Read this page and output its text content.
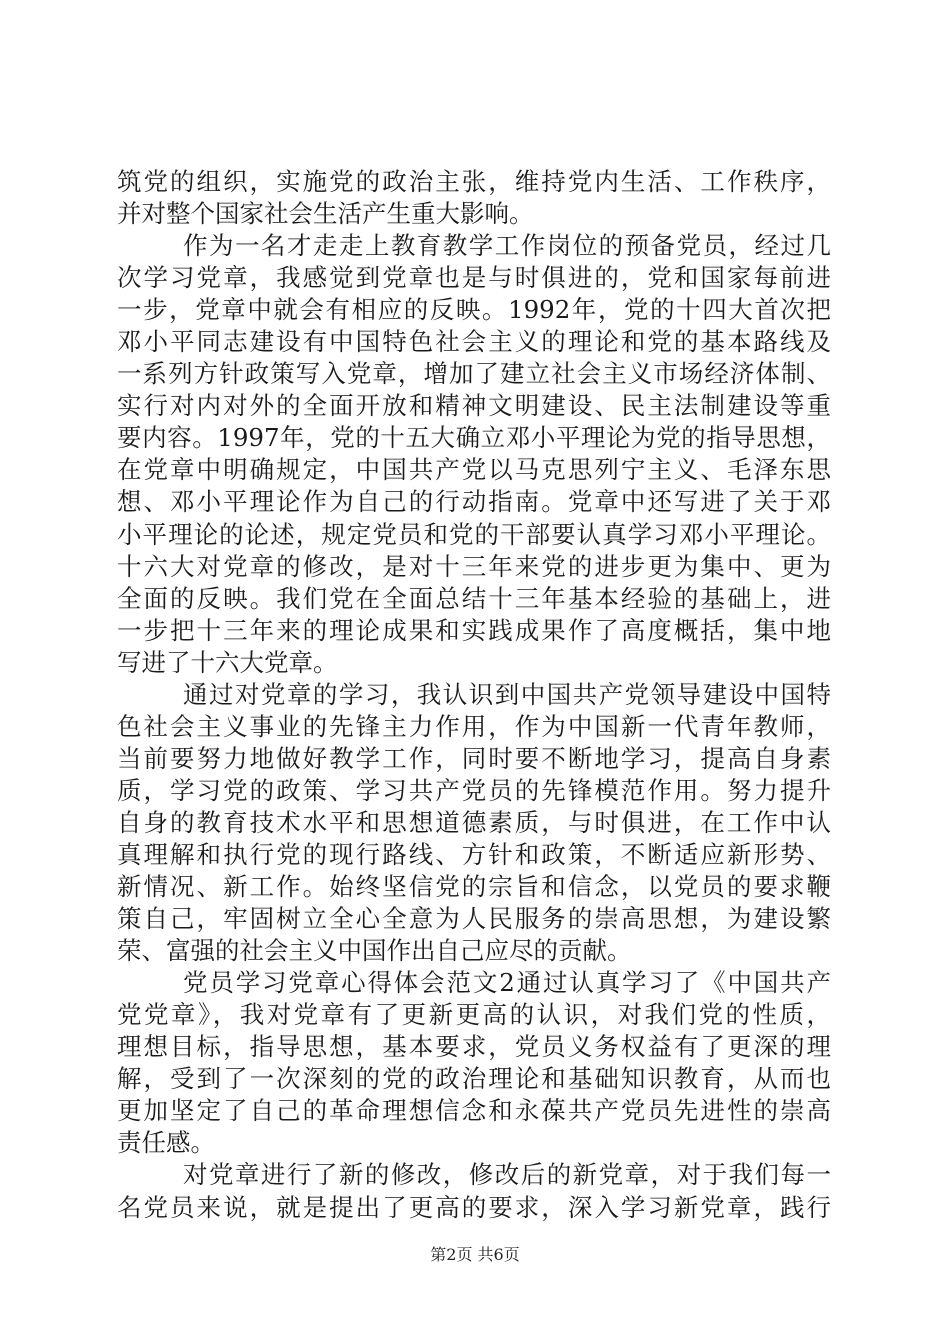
筑党的组织，实施党的政治主张，维持党内生活、工作秩序，
并对整个国家社会生活产生重大影响。
作为一名才走走上教育教学工作岗位的预备党员，经过几
次学习党章，我感觉到党章也是与时俱进的，党和国家每前进
一步，党章中就会有相应的反映。1992年，党的十四大首次把
邓小平同志建设有中国特色社会主义的理论和党的基本路线及
一系列方针政策写入党章，增加了建立社会主义市场经济体制、
实行对内对外的全面开放和精神文明建设、民主法制建设等重
要内容。1997年，党的十五大确立邓小平理论为党的指导思想，
在党章中明确规定，中国共产党以马克思列宁主义、毛泽东思
想、邓小平理论作为自己的行动指南。党章中还写进了关于邓
小平理论的论述，规定党员和党的干部要认真学习邓小平理论。
十六大对党章的修改，是对十三年来党的进步更为集中、更为
全面的反映。我们党在全面总结十三年基本经验的基础上，进
一步把十三年来的理论成果和实践成果作了高度概括，集中地
写进了十六大党章。
通过对党章的学习，我认识到中国共产党领导建设中国特
色社会主义事业的先锋主力作用，作为中国新一代青年教师，
当前要努力地做好教学工作，同时要不断地学习，提高自身素
质，学习党的政策、学习共产党员的先锋模范作用。努力提升
自身的教育技术水平和思想道德素质，与时俱进，在工作中认
真理解和执行党的现行路线、方针和政策，不断适应新形势、
新情况、新工作。始终坚信党的宗旨和信念，以党员的要求鞭
策自己，牢固树立全心全意为人民服务的崇高思想，为建设繁
荣、富强的社会主义中国作出自己应尽的贡献。
党员学习党章心得体会范文2通过认真学习了《中国共产
党党章》，我对党章有了更新更高的认识，对我们党的性质，
理想目标，指导思想，基本要求，党员义务权益有了更深的理
解，受到了一次深刻的党的政治理论和基础知识教育，从而也
更加坚定了自己的革命理想信念和永葆共产党员先进性的崇高
责任感。
对党章进行了新的修改，修改后的新党章，对于我们每一
名党员来说，就是提出了更高的要求，深入学习新党章，践行
第2页 共6页
